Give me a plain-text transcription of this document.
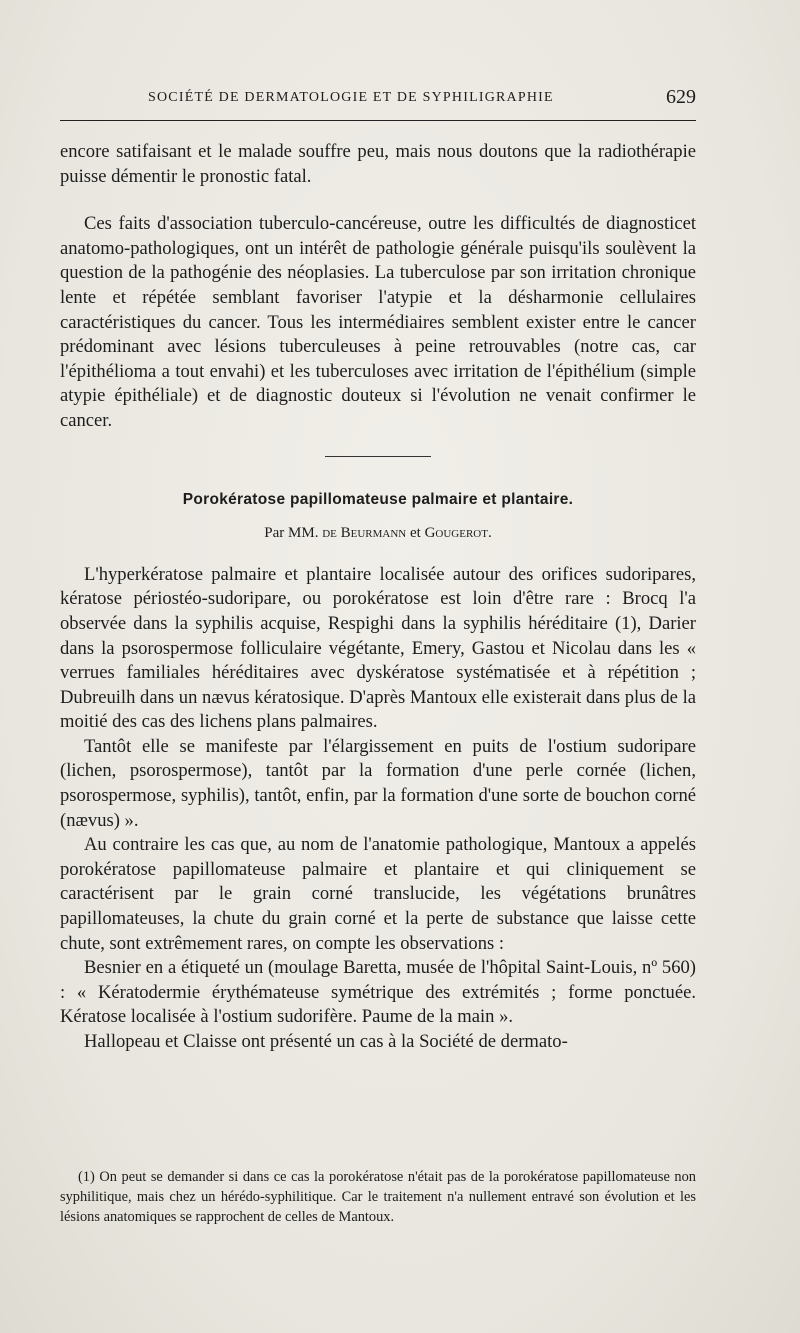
SOCIÉTÉ DE DERMATOLOGIE ET DE SYPHILIGRAPHIE	629

encore satifaisant et le malade souffre peu, mais nous doutons que la radiothérapie puisse démentir le pronostic fatal.

Ces faits d'association tuberculo-cancéreuse, outre les difficultés de diagnosticet anatomo-pathologiques, ont un intérêt de pathologie générale puisqu'ils soulèvent la question de la pathogénie des néoplasies. La tuberculose par son irritation chronique lente et répétée semblant favoriser l'atypie et la désharmonie cellulaires caractéristiques du cancer. Tous les intermédiaires semblent exister entre le cancer prédominant avec lésions tuberculeuses à peine retrouvables (notre cas, car l'épithélioma a tout envahi) et les tuberculoses avec irritation de l'épithélium (simple atypie épithéliale) et de diagnostic douteux si l'évolution ne venait confirmer le cancer.

Porokératose papillomateuse palmaire et plantaire.
Par MM. de Beurmann et Gougerot.

L'hyperkératose palmaire et plantaire localisée autour des orifices sudoripares, kératose périostéo-sudoripare, ou porokératose est loin d'être rare : Brocq l'a observée dans la syphilis acquise, Respighi dans la syphilis héréditaire (1), Darier dans la psorospermose folliculaire végétante, Emery, Gastou et Nicolau dans les « verrues familiales héréditaires avec dyskératose systématisée et à répétition ; Dubreuilh dans un nævus kératosique. D'après Mantoux elle existerait dans plus de la moitié des cas des lichens plans palmaires.

Tantôt elle se manifeste par l'élargissement en puits de l'ostium sudoripare (lichen, psorospermose), tantôt par la formation d'une perle cornée (lichen, psorospermose, syphilis), tantôt, enfin, par la formation d'une sorte de bouchon corné (nævus) ».

Au contraire les cas que, au nom de l'anatomie pathologique, Mantoux a appelés porokératose papillomateuse palmaire et plantaire et qui cliniquement se caractérisent par le grain corné translucide, les végétations brunâtres papillomateuses, la chute du grain corné et la perte de substance que laisse cette chute, sont extrêmement rares, on compte les observations :

Besnier en a étiqueté un (moulage Baretta, musée de l'hôpital Saint-Louis, nº 560) : « Kératodermie érythémateuse symétrique des extrémités ; forme ponctuée. Kératose localisée à l'ostium sudorifère. Paume de la main ».

Hallopeau et Claisse ont présenté un cas à la Société de dermato-

(1) On peut se demander si dans ce cas la porokératose n'était pas de la porokératose papillomateuse non syphilitique, mais chez un hérédo-syphilitique. Car le traitement n'a nullement entravé son évolution et les lésions anatomiques se rapprochent de celles de Mantoux.
